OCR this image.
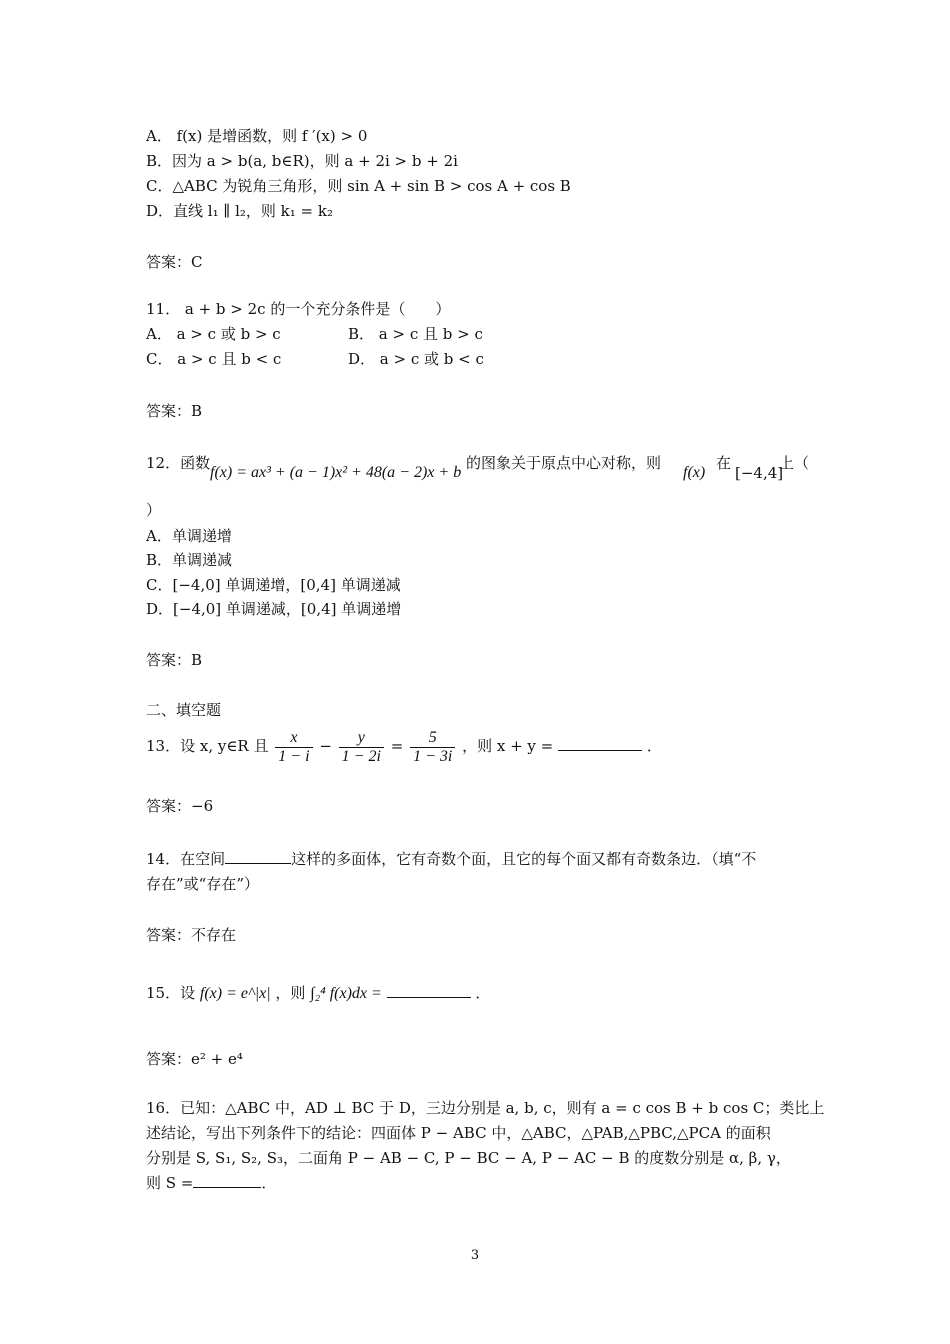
A． f(x) 是增函数，则 f ′(x) > 0
B．因为 a > b(a, b∈R)，则 a + 2i > b + 2i
C．△ABC 为锐角三角形，则 sin A + sin B > cos A + cos B
D．直线 l₁ ∥ l₂，则 k₁ = k₂
答案：C
11． a + b > 2c 的一个充分条件是（　　）
A． a > c 或 b > c	B． a > c 且 b > c
C． a > c 且 b < c	D． a > c 或 b < c
答案：B
12．函数
f(x) = ax³ + (a − 1)x² + 48(a − 2)x + b
的图象关于原点中心对称，则
f(x)
在
[−4,4]
上（
）
A．单调递增
B．单调递减
C．[−4,0] 单调递增，[0,4] 单调递减
D．[−4,0] 单调递减，[0,4] 单调递增
答案：B
二、填空题
13．设 x, y∈R 且 $\frac{x}{1 - i} - \frac{y}{1 - 2i} = \frac{5}{1 - 3i}$ ，则 x + y =	．
答案：−6
14．在空间	这样的多面体，它有奇数个面，且它的每个面又都有奇数条边．（填“不
存在”或“存在”）
答案：不存在
15．设 f(x) = e^|x| ，则 ∫₂⁴ f(x)dx =	．
答案：e² + e⁴
16．已知：△ABC 中，AD ⊥ BC 于 D，三边分别是 a, b, c，则有 a = c cos B + b cos C；类比上
述结论，写出下列条件下的结论：四面体 P − ABC 中，△ABC，△PAB,△PBC,△PCA 的面积
分别是 S, S₁, S₂, S₃，二面角 P − AB − C, P − BC − A, P − AC − B 的度数分别是 α, β, γ，
则 S =	．
3
